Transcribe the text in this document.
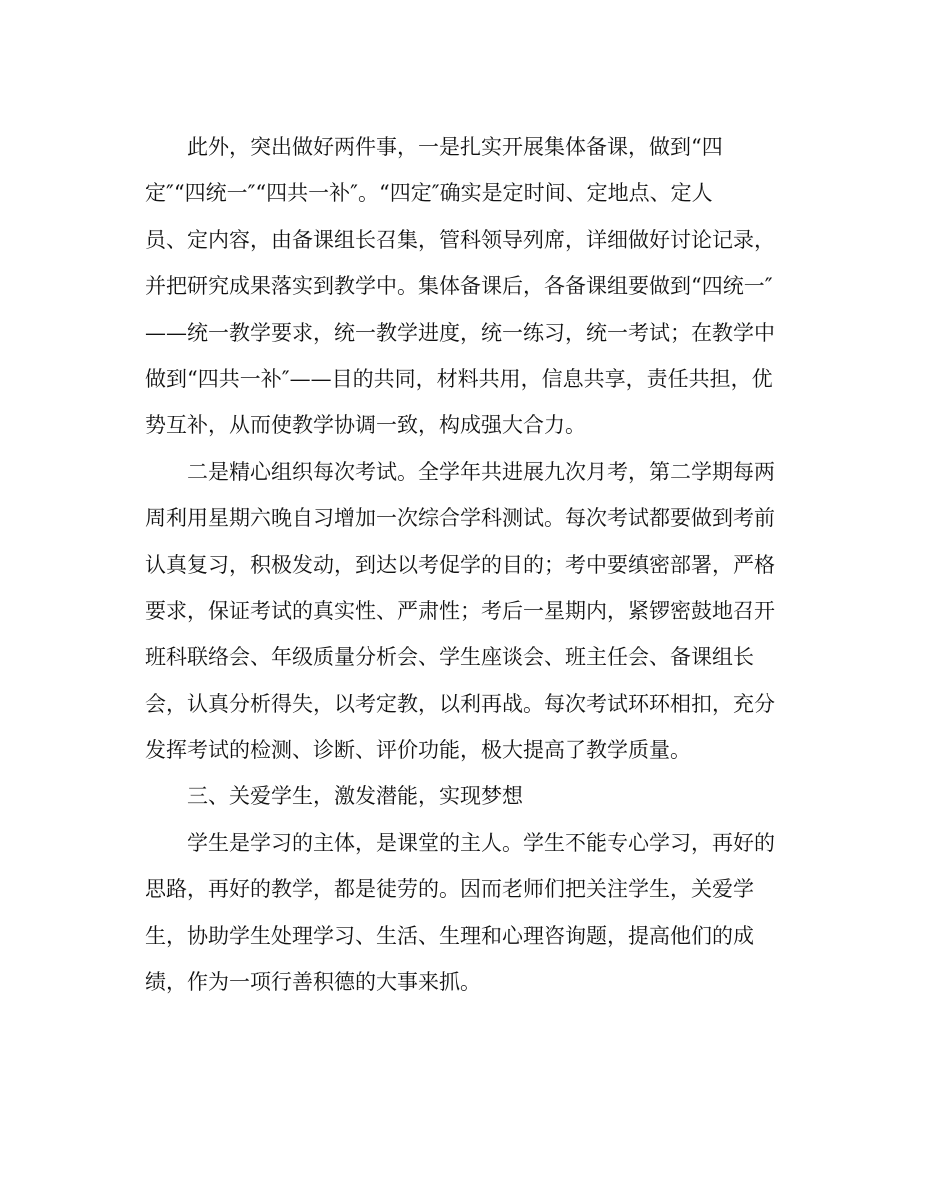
此外，突出做好两件事，一是扎实开展集体备课，做到“四
定″“四统一″“四共一补″。“四定″确实是定时间、定地点、定人
员、定内容，由备课组长召集，管科领导列席，详细做好讨论记录，
并把研究成果落实到教学中。集体备课后，各备课组要做到“四统一″
——统一教学要求，统一教学进度，统一练习，统一考试；在教学中
做到“四共一补″——目的共同，材料共用，信息共享，责任共担，优
势互补，从而使教学协调一致，构成强大合力。
二是精心组织每次考试。全学年共进展九次月考，第二学期每两
周利用星期六晚自习增加一次综合学科测试。每次考试都要做到考前
认真复习，积极发动，到达以考促学的目的；考中要缜密部署，严格
要求，保证考试的真实性、严肃性；考后一星期内，紧锣密鼓地召开
班科联络会、年级质量分析会、学生座谈会、班主任会、备课组长
会，认真分析得失，以考定教，以利再战。每次考试环环相扣，充分
发挥考试的检测、诊断、评价功能，极大提高了教学质量。
三、关爱学生，激发潜能，实现梦想
学生是学习的主体，是课堂的主人。学生不能专心学习，再好的
思路，再好的教学，都是徒劳的。因而老师们把关注学生，关爱学
生，协助学生处理学习、生活、生理和心理咨询题，提高他们的成
绩，作为一项行善积德的大事来抓。
